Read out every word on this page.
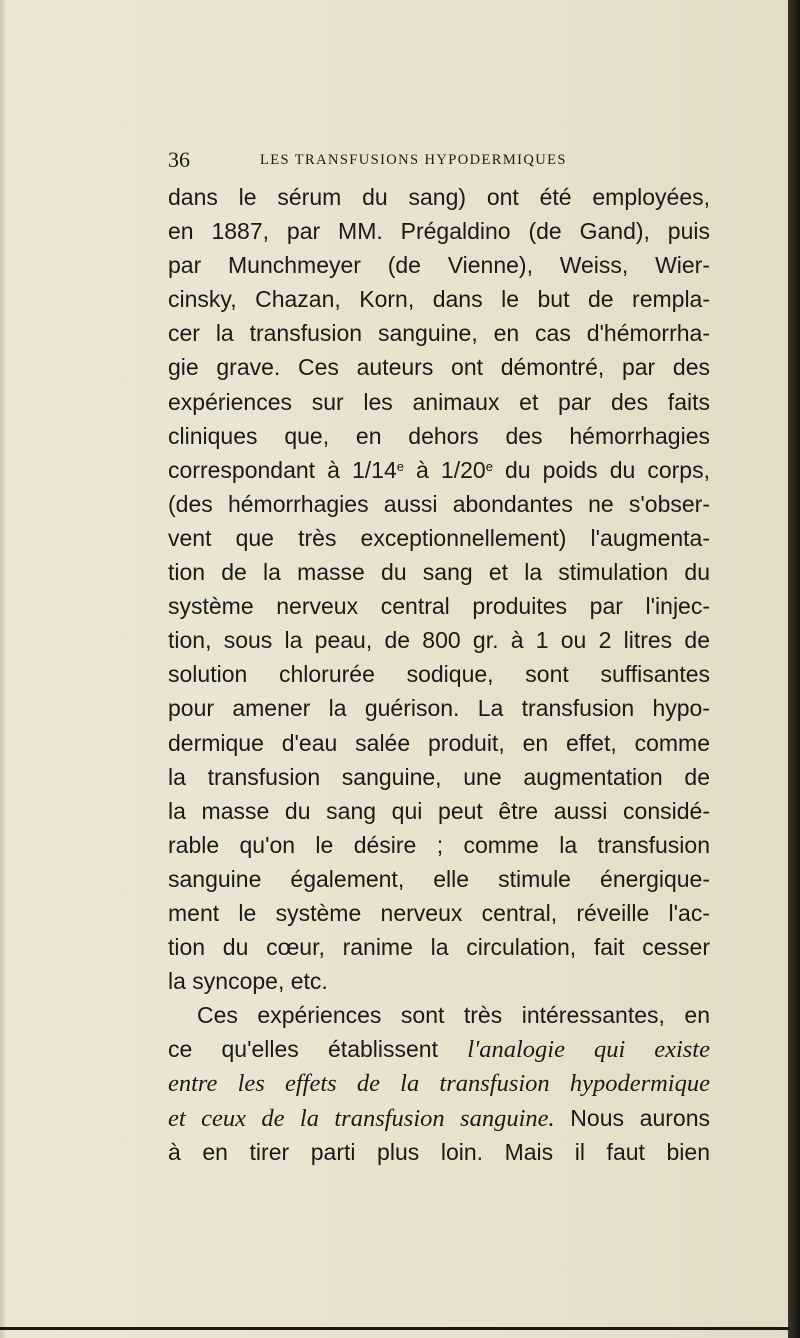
36	LES TRANSFUSIONS HYPODERMIQUES
dans le sérum du sang) ont été employées,
en 1887, par MM. Prégaldino (de Gand), puis
par Munchmeyer (de Vienne), Weiss, Wier-
cinsky, Chazan, Korn, dans le but de rempla-
cer la transfusion sanguine, en cas d'hémorrha-
gie grave. Ces auteurs ont démontré, par des
expériences sur les animaux et par des faits
cliniques que, en dehors des hémorrhagies
correspondant à 1/14e à 1/20e du poids du corps,
(des hémorrhagies aussi abondantes ne s'obser-
vent que très exceptionnellement) l'augmenta-
tion de la masse du sang et la stimulation du
système nerveux central produites par l'injec-
tion, sous la peau, de 800 gr. à 1 ou 2 litres de
solution chlorurée sodique, sont suffisantes
pour amener la guérison. La transfusion hypo-
dermique d'eau salée produit, en effet, comme
la transfusion sanguine, une augmentation de
la masse du sang qui peut être aussi considé-
rable qu'on le désire ; comme la transfusion
sanguine également, elle stimule énergique-
ment le système nerveux central, réveille l'ac-
tion du cœur, ranime la circulation, fait cesser
la syncope, etc.
Ces expériences sont très intéressantes, en
ce qu'elles établissent l'analogie qui existe
entre les effets de la transfusion hypodermique
et ceux de la transfusion sanguine. Nous aurons
à en tirer parti plus loin. Mais il faut bien
